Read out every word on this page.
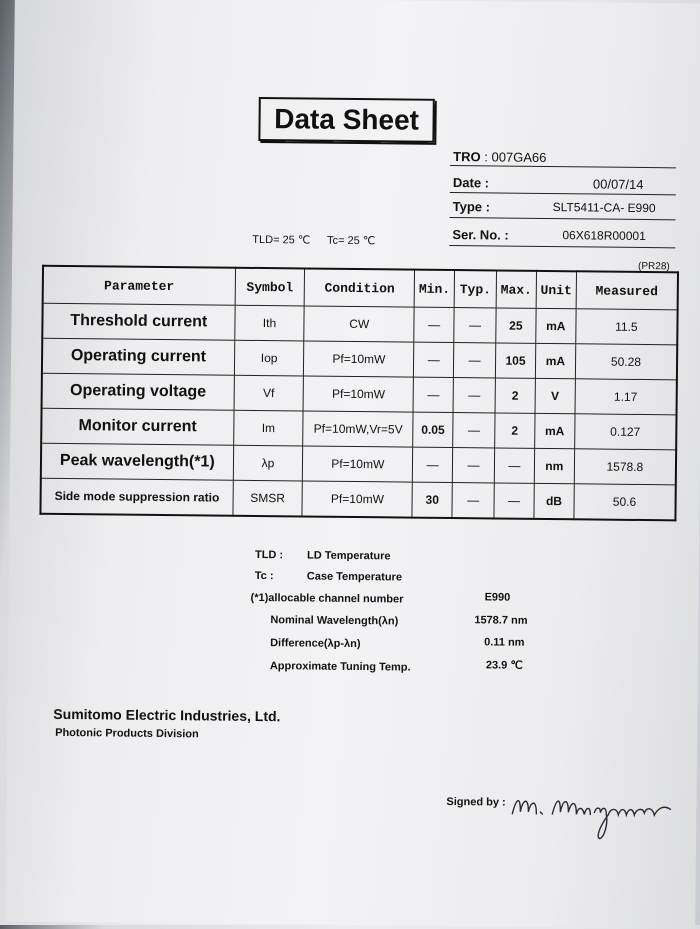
Data Sheet
TRO : 007GA66
Date :	00/07/14
Type :	SLT5411-CA- E990
Ser. No. :	06X618R00001
TLD= 25 ℃ Tc= 25 ℃
(PR28)
Parameter	Symbol	Condition	Min.	Typ.	Max.	Unit	Measured
Threshold current	Ith	CW	—	—	25	mA	11.5
Operating current	Iop	Pf=10mW	—	—	105	mA	50.28
Operating voltage	Vf	Pf=10mW	—	—	2	V	1.17
Monitor current	Im	Pf=10mW,Vr=5V	0.05	—	2	mA	0.127
Peak wavelength(*1)	λp	Pf=10mW	—	—	—	nm	1578.8
Side mode suppression ratio	SMSR	Pf=10mW	30	—	—	dB	50.6
TLD : LD Temperature
Tc :	Case Temperature
(*1)allocable channel number	E990
Nominal Wavelength(λn)	1578.7 nm
Difference(λp-λn)	0.11 nm
Approximate Tuning Temp.	23.9 ℃
Sumitomo Electric Industries, Ltd.
Photonic Products Division
Signed by :
